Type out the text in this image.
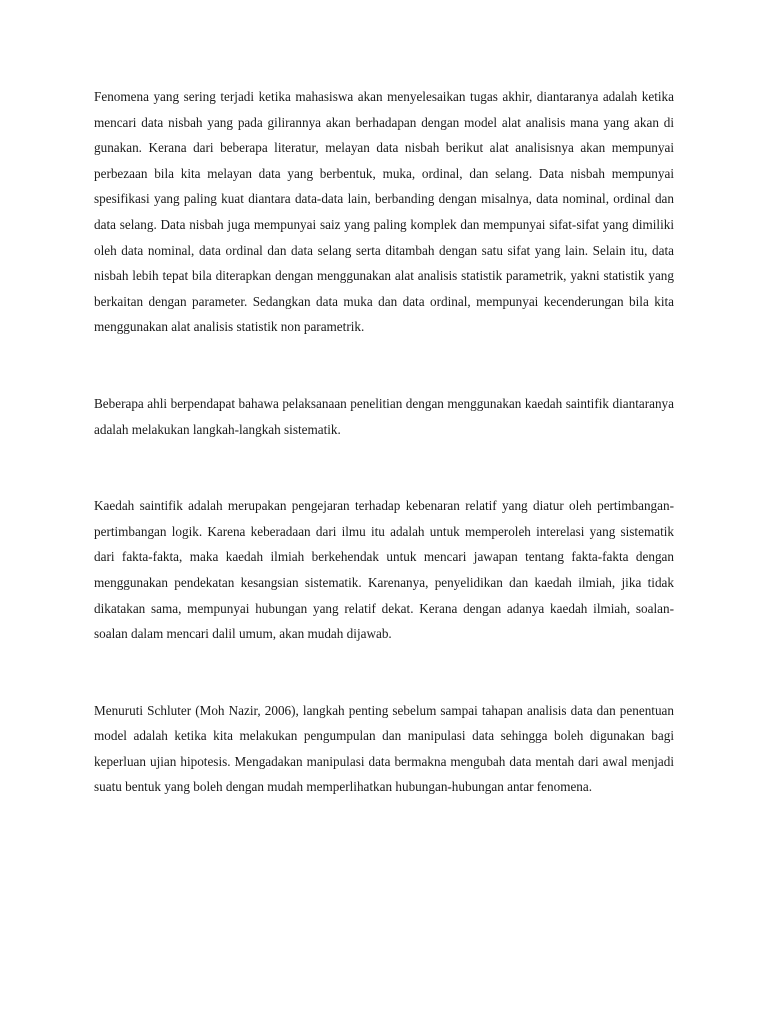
Fenomena yang sering terjadi ketika mahasiswa akan menyelesaikan tugas akhir, diantaranya adalah ketika mencari data nisbah yang pada gilirannya akan berhadapan dengan model alat analisis mana yang akan di gunakan. Kerana dari beberapa literatur, melayan data nisbah berikut alat analisisnya akan mempunyai perbezaan bila kita melayan data yang berbentuk, muka, ordinal, dan selang. Data nisbah mempunyai spesifikasi yang paling kuat diantara data-data lain, berbanding dengan misalnya, data nominal, ordinal dan data selang. Data nisbah juga mempunyai saiz yang paling komplek dan mempunyai sifat-sifat yang dimiliki oleh data nominal, data ordinal dan data selang serta ditambah dengan satu sifat yang lain. Selain itu, data nisbah lebih tepat bila diterapkan dengan menggunakan alat analisis statistik parametrik, yakni statistik yang berkaitan dengan parameter. Sedangkan data muka dan data ordinal, mempunyai kecenderungan bila kita menggunakan alat analisis statistik non parametrik.

Beberapa ahli berpendapat bahawa pelaksanaan penelitian dengan menggunakan kaedah saintifik diantaranya adalah melakukan langkah-langkah sistematik.

Kaedah saintifik adalah merupakan pengejaran terhadap kebenaran relatif yang diatur oleh pertimbangan-pertimbangan logik. Karena keberadaan dari ilmu itu adalah untuk memperoleh interelasi yang sistematik dari fakta-fakta, maka kaedah ilmiah berkehendak untuk mencari jawapan tentang fakta-fakta dengan menggunakan pendekatan kesangsian sistematik. Karenanya, penyelidikan dan kaedah ilmiah, jika tidak dikatakan sama, mempunyai hubungan yang relatif dekat. Kerana dengan adanya kaedah ilmiah, soalan-soalan dalam mencari dalil umum, akan mudah dijawab.

Menuruti Schluter (Moh Nazir, 2006), langkah penting sebelum sampai tahapan analisis data dan penentuan model adalah ketika kita melakukan pengumpulan dan manipulasi data sehingga boleh digunakan bagi keperluan ujian hipotesis. Mengadakan manipulasi data bermakna mengubah data mentah dari awal menjadi suatu bentuk yang boleh dengan mudah memperlihatkan hubungan-hubungan antar fenomena.
